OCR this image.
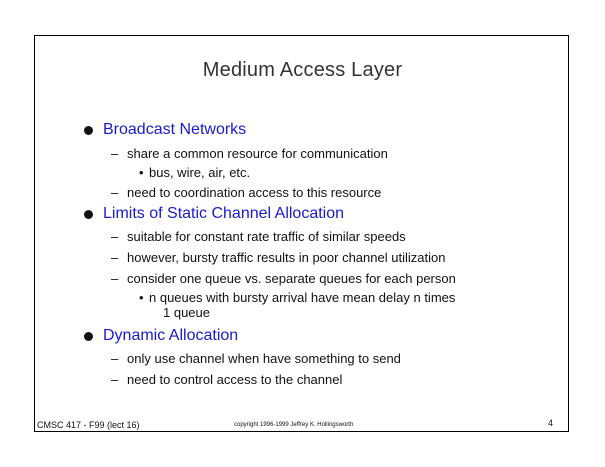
Medium Access Layer
Broadcast Networks
– share a common resource for communication
• bus, wire, air, etc.
– need to coordination access to this resource
Limits of Static Channel Allocation
– suitable for constant rate traffic of similar speeds
– however, bursty traffic results in poor channel utilization
– consider one queue vs. separate queues for each person
• n queues with bursty arrival have mean delay n times
1 queue
Dynamic Allocation
– only use channel when have something to send
– need to control access to the channel
CMSC 417 - F99 (lect 16)	copyright 1996-1999 Jeffrey K. Hollingsworth	4
